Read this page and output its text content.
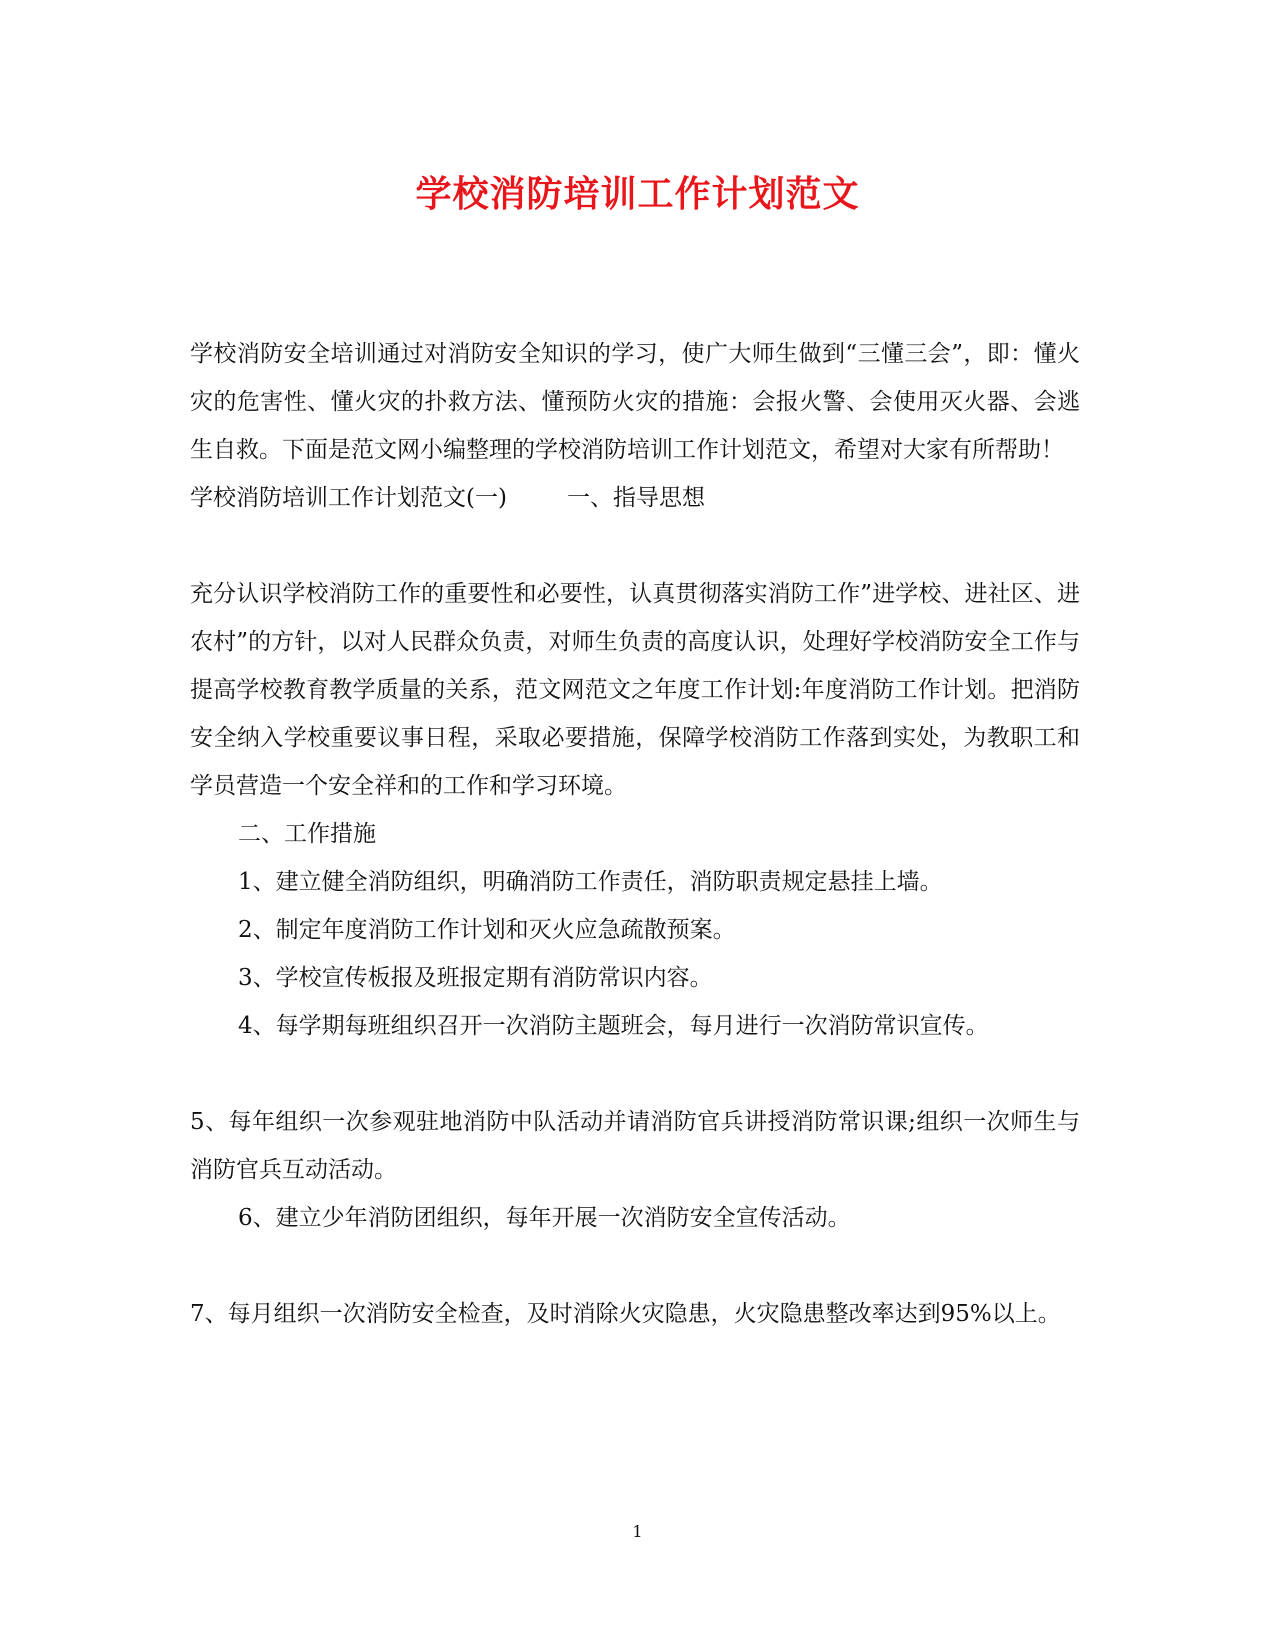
学校消防培训工作计划范文

学校消防安全培训通过对消防安全知识的学习，使广大师生做到“三懂三会”，即：懂火灾的危害性、懂火灾的扑救方法、懂预防火灾的措施：会报火警、会使用灭火器、会逃生自救。下面是范文网小编整理的学校消防培训工作计划范文，希望对大家有所帮助！

学校消防培训工作计划范文(一)	一、指导思想

充分认识学校消防工作的重要性和必要性，认真贯彻落实消防工作”进学校、进社区、进农村”的方针，以对人民群众负责，对师生负责的高度认识，处理好学校消防安全工作与提高学校教育教学质量的关系，范文网范文之年度工作计划:年度消防工作计划。把消防安全纳入学校重要议事日程，采取必要措施，保障学校消防工作落到实处，为教职工和学员营造一个安全祥和的工作和学习环境。

二、工作措施

1、建立健全消防组织，明确消防工作责任，消防职责规定悬挂上墙。

2、制定年度消防工作计划和灭火应急疏散预案。

3、学校宣传板报及班报定期有消防常识内容。

4、每学期每班组织召开一次消防主题班会，每月进行一次消防常识宣传。

5、每年组织一次参观驻地消防中队活动并请消防官兵讲授消防常识课;组织一次师生与消防官兵互动活动。

6、建立少年消防团组织，每年开展一次消防安全宣传活动。

7、每月组织一次消防安全检查，及时消除火灾隐患，火灾隐患整改率达到95%以上。

1
